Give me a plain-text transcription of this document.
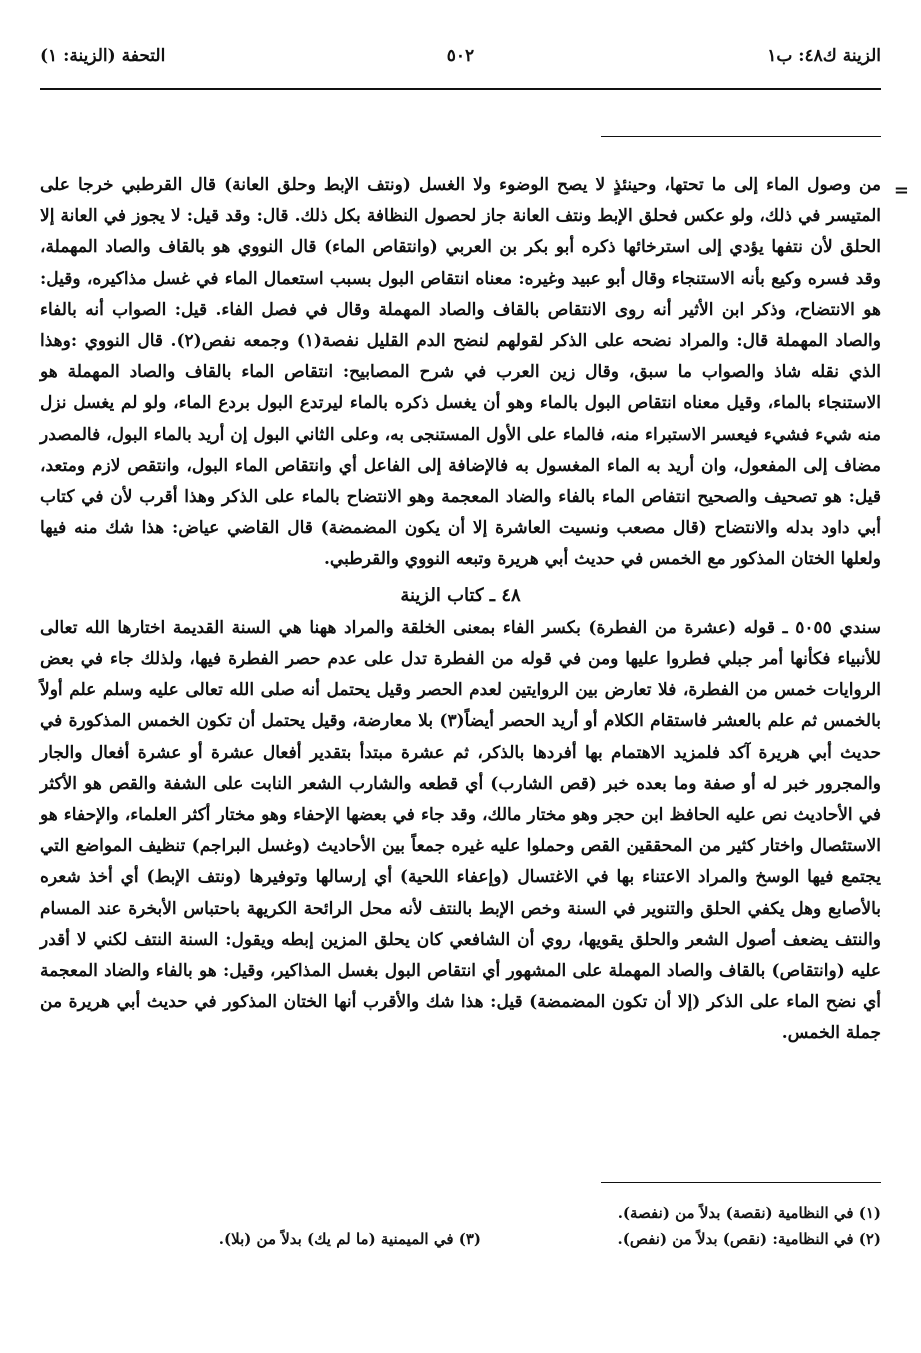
الزينة ك٤٨: ب١
٥٠٢
التحفة (الزينة: ١)
=

من وصول الماء إلى ما تحتها، وحينئذٍ لا يصح الوضوء ولا الغسل (ونتف الإبط وحلق العانة) قال القرطبي خرجا على المتيسر في ذلك، ولو عكس فحلق الإبط ونتف العانة جاز لحصول النظافة بكل ذلك. قال: وقد قيل: لا يجوز في العانة إلا الحلق لأن نتفها يؤدي إلى استرخائها ذكره أبو بكر بن العربي (وانتقاص الماء) قال النووي هو بالقاف والصاد المهملة، وقد فسره وكيع بأنه الاستنجاء وقال أبو عبيد وغيره: معناه انتقاص البول بسبب استعمال الماء في غسل مذاكيره، وقيل: هو الانتضاح، وذكر ابن الأثير أنه روى الانتقاص بالقاف والصاد المهملة وقال في فصل الفاء. قيل: الصواب أنه بالفاء والصاد المهملة قال: والمراد نضحه على الذكر لقولهم لنضح الدم القليل نفصة(١) وجمعه نفص(٢). قال النووي :وهذا الذي نقله شاذ والصواب ما سبق، وقال زين العرب في شرح المصابيح: انتقاص الماء بالقاف والصاد المهملة هو الاستنجاء بالماء، وقيل معناه انتقاص البول بالماء وهو أن يغسل ذكره بالماء ليرتدع البول بردع الماء، ولو لم يغسل نزل منه شيء فشيء فيعسر الاستبراء منه، فالماء على الأول المستنجى به، وعلى الثاني البول إن أريد بالماء البول، فالمصدر مضاف إلى المفعول، وان أريد به الماء المغسول به فالإضافة إلى الفاعل أي وانتقاص الماء البول، وانتقص لازم ومتعد، قيل: هو تصحيف والصحيح انتفاص الماء بالفاء والضاد المعجمة وهو الانتضاح بالماء على الذكر وهذا أقرب لأن في كتاب أبي داود بدله والانتضاح (قال مصعب ونسيت العاشرة إلا أن يكون المضمضة) قال القاضي عياض: هذا شك منه فيها ولعلها الختان المذكور مع الخمس في حديث أبي هريرة وتبعه النووي والقرطبي.

٤٨ ـ كتاب الزينة

سندي ٥٠٥٥ ـ قوله (عشرة من الفطرة) بكسر الفاء بمعنى الخلقة والمراد ههنا هي السنة القديمة اختارها الله تعالى للأنبياء فكأنها أمر جبلي فطروا عليها ومن في قوله من الفطرة تدل على عدم حصر الفطرة فيها، ولذلك جاء في بعض الروايات خمس من الفطرة، فلا تعارض بين الروايتين لعدم الحصر وقيل يحتمل أنه صلى الله تعالى عليه وسلم علم أولاً بالخمس ثم علم بالعشر فاستقام الكلام أو أريد الحصر أيضاً(٣) بلا معارضة، وقيل يحتمل أن تكون الخمس المذكورة في حديث أبي هريرة آكد فلمزيد الاهتمام بها أفردها بالذكر، ثم عشرة مبتدأ بتقدير أفعال عشرة أو عشرة أفعال والجار والمجرور خبر له أو صفة وما بعده خبر (قص الشارب) أي قطعه والشارب الشعر النابت على الشفة والقص هو الأكثر في الأحاديث نص عليه الحافظ ابن حجر وهو مختار مالك، وقد جاء في بعضها الإحفاء وهو مختار أكثر العلماء، والإحفاء هو الاستئصال واختار كثير من المحققين القص وحملوا عليه غيره جمعاً بين الأحاديث (وغسل البراجم) تنظيف المواضع التي يجتمع فيها الوسخ والمراد الاعتناء بها في الاغتسال (وإعفاء اللحية) أي إرسالها وتوفيرها (ونتف الإبط) أي أخذ شعره بالأصابع وهل يكفي الحلق والتنوير في السنة وخص الإبط بالنتف لأنه محل الرائحة الكريهة باحتباس الأبخرة عند المسام والنتف يضعف أصول الشعر والحلق يقويها، روي أن الشافعي كان يحلق المزين إبطه ويقول: السنة النتف لكني لا أقدر عليه (وانتقاص) بالقاف والصاد المهملة على المشهور أي انتقاص البول بغسل المذاكير، وقيل: هو بالفاء والضاد المعجمة أي نضح الماء على الذكر (إلا أن تكون المضمضة) قيل: هذا شك والأقرب أنها الختان المذكور في حديث أبي هريرة من جملة الخمس.

(١) في النظامية (نقصة) بدلاً من (نفصة).
(٢) في النظامية: (نقص) بدلاً من (نفص).
(٣) في الميمنية (ما لم يك) بدلاً من (بلا).
